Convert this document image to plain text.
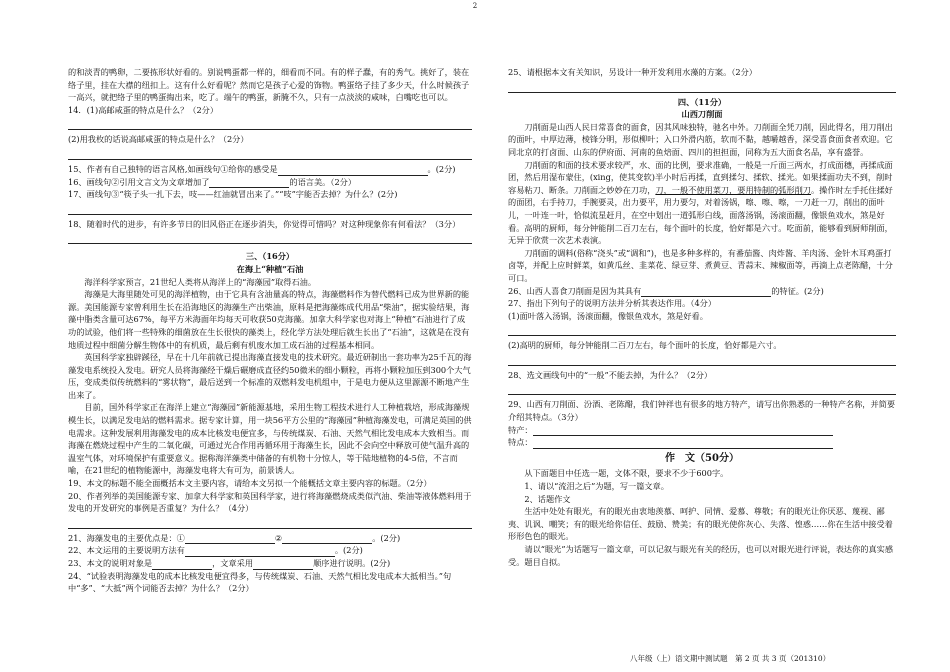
2

的和淡青的鸭卵，二要拣形状好看的。别说鸭蛋都一样的，细看而不同。有的样子蠢，有的秀气。挑好了，装在络子里，挂在大襟的纽扣上。这有什么好看呢？然而它是孩子心爱的饰物。鸭蛋络子挂了多少天，什么时候孩子一高兴，就把络子里的鸭蛋掏出来，吃了。端午的鸭蛋，新腌不久，只有一点淡淡的咸味，白嘴吃也可以。

14．(1)高邮咸蛋的特点是什么？（2分）

(2)用我枚的话说高邮咸蛋的特点是什么？（2分）

15、作者有自己独特的语言风格,如画线句①给你的感受是	。(2分)

16、画线句②引用文言文为文章增加了	的语言美。（2分）

17、画线句③“筷子头一扎下去，吱——红油就冒出来了。”“吱”字能否去掉？为什么？(2分)

18、随着时代的进步，有许多节日的旧风俗正在逐步消失，你觉得可惜吗？对这种现象你有何看法？（3分）

三、（16分）
在海上“种植”石油

海洋科学家预言，21世纪人类将从海洋上的“海藻园”取得石油。

海藻是大海里随处可见的海洋植物，由于它具有含油量高的特点，海藻燃料作为替代燃料已成为世界新的能源。美国能源专家曾利用生长在沿海地区的海藻生产出柴油，原料是把海藻炼成代用品“柴油”，据实验结果，海藻中脂类含量可达67%，每平方米海面年均每天可收获50克海藻。加拿大科学家也对海上“种植”石油进行了成功的试验，他们将一些特殊的细菌放在生长很快的藻类上，经化学方法处理后就生长出了“石油”，这就是在没有地质过程中细菌分解生物体中的有机质，最后剩有机废水加工成石油的过程基本相同。

英国科学家独辟蹊径，早在十几年前就已提出海藻直接发电的技术研究。最近研制出一套功率为25千瓦的海藻发电系统投入发电。研究人员将海藻经干燥后碾磨成直径约50微米的细小颗粒，再将小颗粒加压到300个大气压，变成类似传统燃料的“雾状物”，最后送到一个标准的双燃料发电机组中，于是电力便从这里源源不断地产生出来了。

目前，国外科学家正在海洋上建立“海藻园”新能源基地，采用生物工程技术进行人工种植栽培，形成海藻规模生长，以满足发电站的燃料需求。据专家计算，用一块56平方公里的“海藻园”种植海藻发电，可满足英国的供电需求。这种发展利用海藻发电的成本比核发电便宜多，与传统煤炭、石油、天然气相比发电成本大致相当。而海藻在燃烧过程中产生的二氧化碳，可通过光合作用再循环用于海藻生长，因此不会向空中释放可使气温升高的温室气体，对环境保护有重要意义。据称海洋藻类中储备的有机物十分惊人，等于陆地植物的4-5倍，不言而喻，在21世纪的植物能源中，海藻发电将大有可为，前景诱人。

19、本文的标题不能全面概括本文主要内容，请给本文另拟一个能概括文章主要内容的标题。（2分）

20、作者列举的美国能源专家、加拿大科学家和英国科学家，进行将海藻燃烧成类似汽油、柴油等液体燃料用于发电的开发研究的事例是否重复？为什么？（4分）

21、海藻发电的主要优点是：①	②	。(2分)

22、本文运用的主要说明方法有	。(2分)

23、本文的说明对象是	，文章采用	顺序进行说明。(2分)

24、“试验表明海藻发电的成本比核发电便宜得多，与传统煤炭、石油、天然气相比发电成本大抵相当。”句中“多”、“大抵”两个词能否去掉？为什么？（2分）

25、请根据本文有关知识，另设计一种开发利用水藻的方案。（2分）

四、（11分）
山西刀削面

刀削面是山西人民日常喜食的面食，因其风味独特，驰名中外。刀削面全凭刀削，因此得名，用刀削出的面叶，中厚边薄，棱锋分明，形似柳叶；入口外滑内筋，软而不黏，越嚼越香，深受喜食面食者欢迎。它同北京的打卤面、山东的伊府面、河南的鱼焙面、四川的担担面，同称为五大面食名品，享有盛誉。

刀削面的和面的技术要求较严，水、面的比例，要求准确，一般是一斤面三两水，打成面穗，再揉成面团，然后用湿布蒙住，(xing，使其变软)半小时后再揉，直到揉匀、揉软、揉光。如果揉面功夫不到，削时容易粘刀、断条。刀削面之妙妙在刀功，刀，一般不使用菜刀，要用特制的弧形削刀。操作时左手托住揉好的面团，右手持刀，手腕要灵，出力要平，用力要匀，对着汤锅，嚓、嚓、嚓，一刀赶一刀，削出的面叶儿，一叶连一叶，恰似流星赶月，在空中划出一道弧形白线，面落汤锅，汤滚面翻，像银鱼戏水，煞是好看。高明的厨师，每分钟能削二百刀左右，每个面叶的长度，恰好都是六寸。吃面前，能够看到厨师削面，无异于欣赏一次艺术表演。

刀削面的调料(俗称“浇头”或“调和”)，也是多种多样的，有番茄酱、肉炸酱、羊肉汤、金针木耳鸡蛋打卤等，并配上应时鲜菜，如黄瓜丝、韭菜花、绿豆芽、煮黄豆、青蒜末、辣椒面等，再滴上点老陈醋，十分可口。

26、山西人喜食刀削面是因为其具有	的特征。(2分)

27、指出下列句子的说明方法并分析其表达作用。（4分）

(1)面叶落入汤锅，汤滚面翻，像银鱼戏水，煞是好看。

(2)高明的厨师，每分钟能削二百刀左右，每个面叶的长度，恰好都是六寸。

28、选文画线句中的“一般”不能去掉，为什么？（2分）

29、山西有刀削面、汾酒、老陈醋，我们钟祥也有很多的地方特产，请写出你熟悉的一种特产名称，并简要介绍其特点。（3分）

特产：

特点：

作　文（50分）

从下面题目中任选一题，文体不限，要求不少于600字。

1、请以“流泪之后”为题，写一篇文章。

2、话题作文

生活中处处有眼光，有的眼光由衷地羡慕、呵护、同情、爱慕、尊敬；有的眼光让你厌恶、蔑视、鄙夷、讥讽、嘲笑；有的眼光给你信任、鼓励、赞美；有的眼光使你灰心、失落、惶惑……你在生活中接受着形形色色的眼光。

请以“眼光”为话题写一篇文章，可以记叙与眼光有关的经历，也可以对眼光进行评说，表达你的真实感受。题目自拟。

八年级（上）语文期中测试题　第 2 页 共 3 页（201310）
